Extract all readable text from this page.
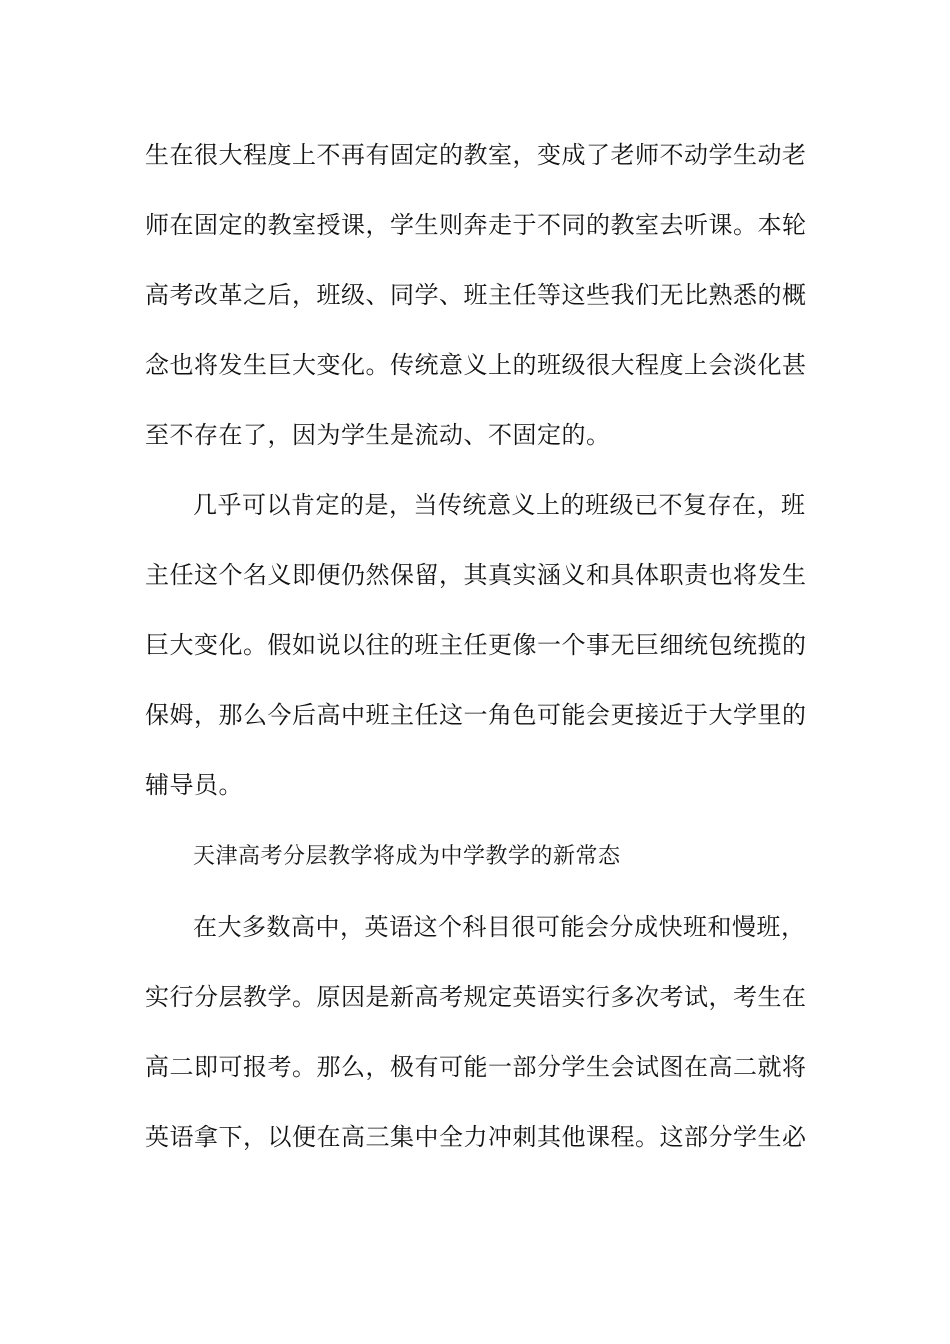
生在很大程度上不再有固定的教室，变成了老师不动学生动老

师在固定的教室授课，学生则奔走于不同的教室去听课。本轮

高考改革之后，班级、同学、班主任等这些我们无比熟悉的概

念也将发生巨大变化。传统意义上的班级很大程度上会淡化甚

至不存在了，因为学生是流动、不固定的。

几乎可以肯定的是，当传统意义上的班级已不复存在，班

主任这个名义即便仍然保留，其真实涵义和具体职责也将发生

巨大变化。假如说以往的班主任更像一个事无巨细统包统揽的

保姆，那么今后高中班主任这一角色可能会更接近于大学里的

辅导员。

天津高考分层教学将成为中学教学的新常态

在大多数高中，英语这个科目很可能会分成快班和慢班，

实行分层教学。原因是新高考规定英语实行多次考试，考生在

高二即可报考。那么，极有可能一部分学生会试图在高二就将

英语拿下，以便在高三集中全力冲刺其他课程。这部分学生必
